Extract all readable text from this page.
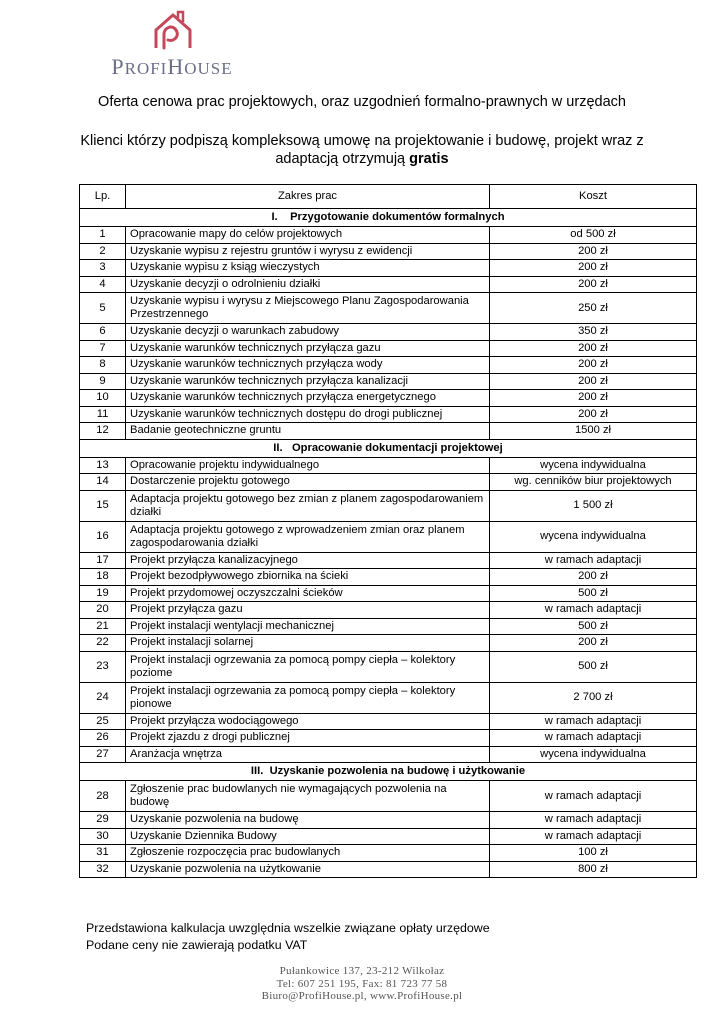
PROFIHOUSE
Oferta cenowa prac projektowych, oraz uzgodnień formalno-prawnych w urzędach
Klienci którzy podpiszą kompleksową umowę na projektowanie i budowę, projekt wraz z adaptacją otrzymują gratis
Lp.	Zakres prac	Koszt
I.    Przygotowanie dokumentów formalnych		
1	Opracowanie mapy do celów projektowych	od 500 zł
2	Uzyskanie wypisu z rejestru gruntów i wyrysu z ewidencji	200 zł
3	Uzyskanie wypisu z ksiąg wieczystych	200 zł
4	Uzyskanie decyzji o odrolnieniu działki	200 zł
5	Uzyskanie wypisu i wyrysu z Miejscowego Planu Zagospodarowania Przestrzennego	250 zł
6	Uzyskanie decyzji o warunkach zabudowy	350 zł
7	Uzyskanie warunków technicznych przyłącza gazu	200 zł
8	Uzyskanie warunków technicznych przyłącza wody	200 zł
9	Uzyskanie warunków technicznych przyłącza kanalizacji	200 zł
10	Uzyskanie warunków technicznych przyłącza energetycznego	200 zł
11	Uzyskanie warunków technicznych dostępu do drogi publicznej	200 zł
12	Badanie geotechniczne gruntu	1500 zł
II.   Opracowanie dokumentacji projektowej		
13	Opracowanie projektu indywidualnego	wycena indywidualna
14	Dostarczenie projektu gotowego	wg. cenników biur projektowych
15	Adaptacja projektu gotowego bez zmian z planem zagospodarowaniem działki	1 500 zł
16	Adaptacja projektu gotowego z wprowadzeniem zmian oraz planem zagospodarowania działki	wycena indywidualna
17	Projekt przyłącza kanalizacyjnego	w ramach adaptacji
18	Projekt bezodpływowego zbiornika na ścieki	200 zł
19	Projekt przydomowej oczyszczalni ścieków	500 zł
20	Projekt przyłącza gazu	w ramach adaptacji
21	Projekt instalacji wentylacji mechanicznej	500 zł
22	Projekt instalacji solarnej	200 zł
23	Projekt instalacji ogrzewania za pomocą pompy ciepła – kolektory poziome	500 zł
24	Projekt instalacji ogrzewania za pomocą pompy ciepła – kolektory pionowe	2 700 zł
25	Projekt przyłącza wodociągowego	w ramach adaptacji
26	Projekt zjazdu z drogi publicznej	w ramach adaptacji
27	Aranżacja wnętrza	wycena indywidualna
III.  Uzyskanie pozwolenia na budowę i użytkowanie		
28	Zgłoszenie prac budowlanych nie wymagających pozwolenia na budowę	w ramach adaptacji
29	Uzyskanie pozwolenia na budowę	w ramach adaptacji
30	Uzyskanie Dziennika Budowy	w ramach adaptacji
31	Zgłoszenie rozpoczęcia prac budowlanych	100 zł
32	Uzyskanie pozwolenia na użytkowanie	800 zł
Przedstawiona kalkulacja uwzględnia wszelkie związane opłaty urzędowe
Podane ceny nie zawierają podatku VAT
Pułankowice 137, 23-212 Wilkołaz
Tel: 607 251 195, Fax: 81 723 77 58
Biuro@ProfiHouse.pl, www.ProfiHouse.pl
